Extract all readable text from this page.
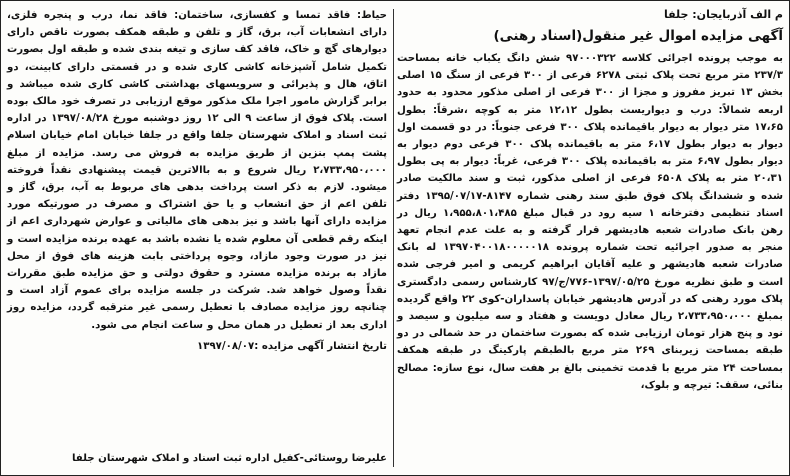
م الف آذربایجان: جلفا
آگهی مزایده اموال غیر منقول(اسناد رهنی)

به موجب پرونده اجرائی کلاسه ۹۷۰۰۰۳۲۲ شش دانگ یکباب خانه بمساحت ۲۳۷/۳ متر مربع تحت پلاک ثبتی ۶۲۷۸ فرعی از ۳۰۰ فرعی از سنگ ۱۵ اصلی بخش ۱۳ تبریز مفروز و مجزا از ۳۰۰ فرعی از اصلی مذکور محدود به حدود اربعه شمالاً: درب و دیواریست بطول ۱۲،۱۲ متر به کوچه ،شرقاً: بطول ۱۷،۶۵ متر دیوار به دیوار باقیمانده پلاک ۳۰۰ فرعی جنوباً: در دو قسمت اول دیوار به دیوار بطول ۶،۱۷ متر به باقیمانده پلاک ۳۰۰ فرعی دوم دیوار به دیوار بطول ۶،۹۷ متر به باقیمانده پلاک ۳۰۰ فرعی، غرباً: دیوار به پی بطول ۲۰،۳۱ متر به پلاک ۶۵۰۸ فرعی از اصلی مذکور، ثبت و سند مالکیت صادر شده و ششدانگ پلاک فوق طبق سند رهنی شماره ۸۱۴۷-۱۳۹۵/۰۷/۱۷ دفتر اسناد تنظیمی دفترخانه ۱ سیه رود در قبال مبلغ ۱،۹۵۵،۸۰۱،۴۸۵ ریال در رهن بانک صادرات شعبه هادیشهر قرار گرفته و به علت عدم انجام تعهد منجر به صدور اجرائیه تحت شماره پرونده ۱۳۹۷۰۴۰۰۱۸۰۰۰۰۰۱۸ له بانک صادرات شعبه هادیشهر و علیه آقایان ابراهیم کریمی و امیر فرجی شده است و طبق نظریه مورخ ۱۳۹۷/۰۵/۲۵-۷۷۶/ج/۹۷ کارشناس رسمی دادگستری پلاک مورد رهنی که در آدرس هادیشهر خیابان پاسداران-کوی ۲۲ واقع گردیده بمبلغ ۲،۷۳۳،۹۵۰،۰۰۰ ریال معادل دویست و هفتاد و سه میلیون و سیصد و نود و پنج هزار تومان ارزیابی شده که بصورت ساختمان در حد شمالی در دو طبقه بمساحت زیربنای ۲۶۹ متر مربع بالطبقم پارکینگ در طبقه همکف بمساحت ۲۴ متر مربع با قدمت تخمینی بالغ بر هفت سال، نوع سازه: مصالح بنائی، سقف: تیرچه و بلوک،

حیاط: فاقد تمسا و کفسازی، ساختمان: فاقد نما، درب و پنجره فلزی، دارای انشعابات آب، برق، گاز و تلفن و طبقه همکف بصورت ناقص دارای دیوارهای گچ و خاک، فاقد کف سازی و تیغه بندی شده و طبقه اول بصورت تکمیل شامل آشپزخانه کاشی کاری شده و در قسمتی دارای کابینت، دو اتاق، هال و پذیرائی و سرویسهای بهداشتی کاشی کاری شده میباشد و برابر گزارش مامور اجرا ملک مذکور موقع ارزیابی در تصرف خود مالک بوده است. پلاک فوق از ساعت ۹ الی ۱۲ روز دوشنبه مورخ ۱۳۹۷/۰۸/۲۸ در اداره ثبت اسناد و املاک شهرستان جلفا واقع در جلفا خیابان امام خیابان اسلام پشت پمپ بنزین از طریق مزایده به فروش می رسد. مزایده از مبلغ ۲،۷۳۳،۹۵۰،۰۰۰ ریال شروع و به باالاترین قیمت پیشنهادی نقداً فروخته میشود. لازم به ذکر است پرداخت بدهی های مربوط به آب، برق، گاز و تلفن اعم از حق انشعاب و یا حق اشتراک و مصرف در صورتیکه مورد مزایده دارای آنها باشد و نیز بدهی های مالیاتی و عوارض شهرداری اعم از اینکه رقم قطعی آن معلوم شده یا نشده باشد به عهده برنده مزایده است و نیز در صورت وجود مازاد، وجوه پرداختی بابت هزینه های فوق از محل مازاد به برنده مزایده مسترد و حقوق دولتی و حق مزایده طبق مقررات نقداً وصول خواهد شد. شرکت در جلسه مزایده برای عموم آزاد است و چنانچه روز مزایده مصادف با تعطیل رسمی غیر مترقبه گردد، مزایده روز اداری بعد از تعطیل در همان محل و ساعت انجام می شود.

تاریخ انتشار آگهی مزایده :۱۳۹۷/۰۸/۰۷
علیرضا روستائی-کفیل اداره ثبت اسناد و املاک شهرستان جلفا
